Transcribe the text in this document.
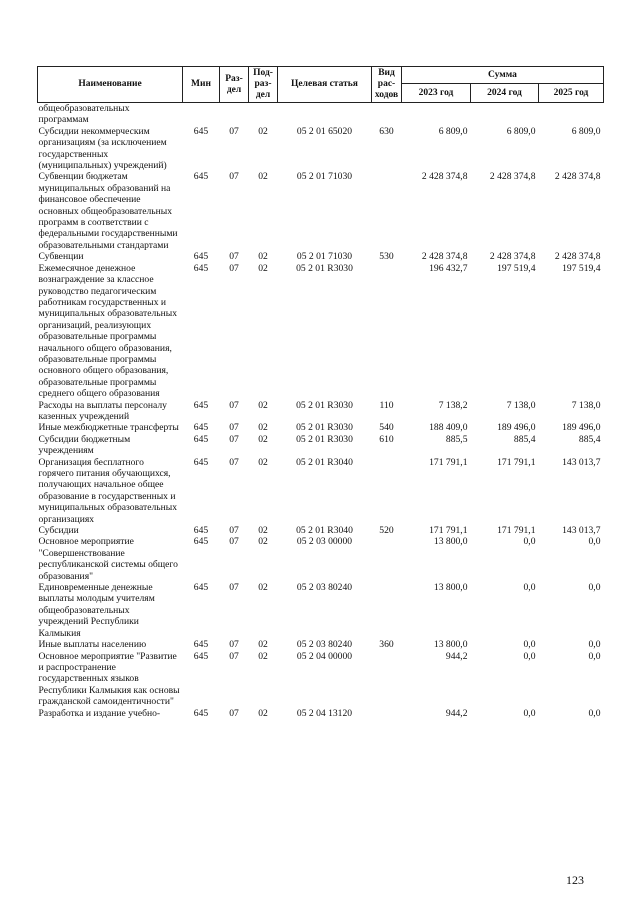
Наименование	Мин	Раз-дел	Под-раз-дел	Целевая статья	Вид рас-ходов	Сумма		
						2023 год	2024 год	2025 год
общеобразовательных программам								
Субсидии некоммерческим организациям (за исключением государственных (муниципальных) учреждений)	645	07	02	05 2 01 65020	630	6 809,0	6 809,0	6 809,0
Субвенции бюджетам муниципальных образований на финансовое обеспечение основных общеобразовательных программ в соответствии с федеральными государственными образовательными стандартами	645	07	02	05 2 01 71030		2 428 374,8	2 428 374,8	2 428 374,8
Субвенции	645	07	02	05 2 01 71030	530	2 428 374,8	2 428 374,8	2 428 374,8
Ежемесячное денежное вознаграждение за классное руководство педагогическим работникам государственных и муниципальных образовательных организаций, реализующих образовательные программы начального общего образования, образовательные программы основного общего образования, образовательные программы среднего общего образования	645	07	02	05 2 01 R3030		196 432,7	197 519,4	197 519,4
Расходы на выплаты персоналу казенных учреждений	645	07	02	05 2 01 R3030	110	7 138,2	7 138,0	7 138,0
Иные межбюджетные трансферты	645	07	02	05 2 01 R3030	540	188 409,0	189 496,0	189 496,0
Субсидии бюджетным учреждениям	645	07	02	05 2 01 R3030	610	885,5	885,4	885,4
Организация бесплатного горячего питания обучающихся, получающих начальное общее образование в государственных и муниципальных образовательных организациях	645	07	02	05 2 01 R3040		171 791,1	171 791,1	143 013,7
Субсидии	645	07	02	05 2 01 R3040	520	171 791,1	171 791,1	143 013,7
Основное мероприятие "Совершенствование республиканской системы общего образования"	645	07	02	05 2 03 00000		13 800,0	0,0	0,0
Единовременные денежные выплаты молодым учителям общеобразовательных учреждений Республики Калмыкия	645	07	02	05 2 03 80240		13 800,0	0,0	0,0
Иные выплаты населению	645	07	02	05 2 03 80240	360	13 800,0	0,0	0,0
Основное мероприятие "Развитие и распространение государственных языков Республики Калмыкия как основы гражданской самоидентичности"	645	07	02	05 2 04 00000		944,2	0,0	0,0
Разработка и издание учебно-	645	07	02	05 2 04 13120		944,2	0,0	0,0
123
